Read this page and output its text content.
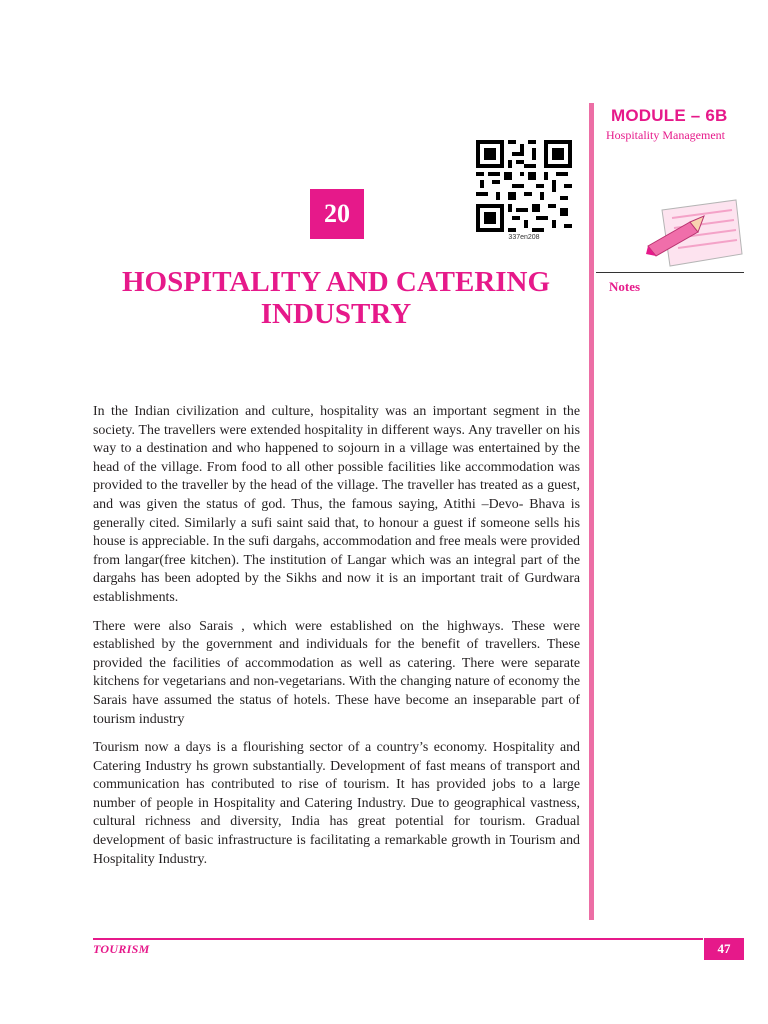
MODULE – 6B
Hospitality Management
Notes
337en208
20
HOSPITALITY AND CATERING
INDUSTRY

In the Indian civilization and culture, hospitality was an important segment in the society. The travellers were extended hospitality in different ways. Any traveller on his way to a destination and who happened to sojourn in a village was entertained by the head of the village. From food to all other possible facilities like accommodation was provided to the traveller by the head of the village. The traveller has treated as a guest, and was given the status of god. Thus, the famous saying, Atithi –Devo- Bhava is generally cited. Similarly a sufi saint said that, to honour a guest if someone sells his house is appreciable. In the sufi dargahs, accommodation and free meals were provided from langar(free kitchen). The institution of Langar which was an integral part of the dargahs has been adopted by the Sikhs and now it is an important trait of Gurdwara establishments.

There were also Sarais , which were established on the highways. These were established by the government and individuals for the benefit of travellers. These provided the facilities of accommodation as well as catering. There were separate kitchens for vegetarians and non-vegetarians. With the changing nature of economy the Sarais have assumed the status of hotels. These have become an inseparable part of tourism industry

Tourism now a days is a flourishing sector of a country’s economy. Hospitality and Catering Industry hs grown substantially. Development of fast means of transport and communication has contributed to rise of tourism. It has provided jobs to a large number of people in Hospitality and Catering Industry. Due to geographical vastness, cultural richness and diversity, India has great potential for tourism. Gradual development of basic infrastructure is facilitating a remarkable growth in Tourism and Hospitality Industry.

TOURISM	47
